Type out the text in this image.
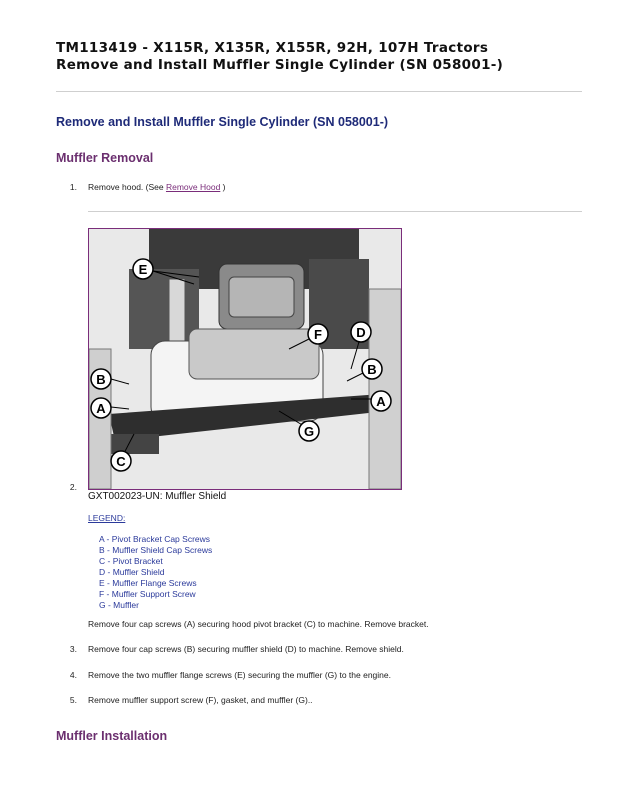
TM113419 - X115R, X135R, X155R, 92H, 107H Tractors
Remove and Install Muffler Single Cylinder (SN 058001-)
Remove and Install Muffler Single Cylinder (SN 058001-)
Muffler Removal
1. Remove hood. (See Remove Hood )
E
F	D
B
B
A	A
G
C
2.
GXT002023-UN: Muffler Shield
LEGEND:
A - Pivot Bracket Cap Screws
B - Muffler Shield Cap Screws
C - Pivot Bracket
D - Muffler Shield
E - Muffler Flange Screws
F - Muffler Support Screw
G - Muffler
Remove four cap screws (A) securing hood pivot bracket (C) to machine. Remove bracket.
3. Remove four cap screws (B) securing muffler shield (D) to machine. Remove shield.
4. Remove the two muffler flange screws (E) securing the muffler (G) to the engine.
5. Remove muffler support screw (F), gasket, and muffler (G)..
Muffler Installation
